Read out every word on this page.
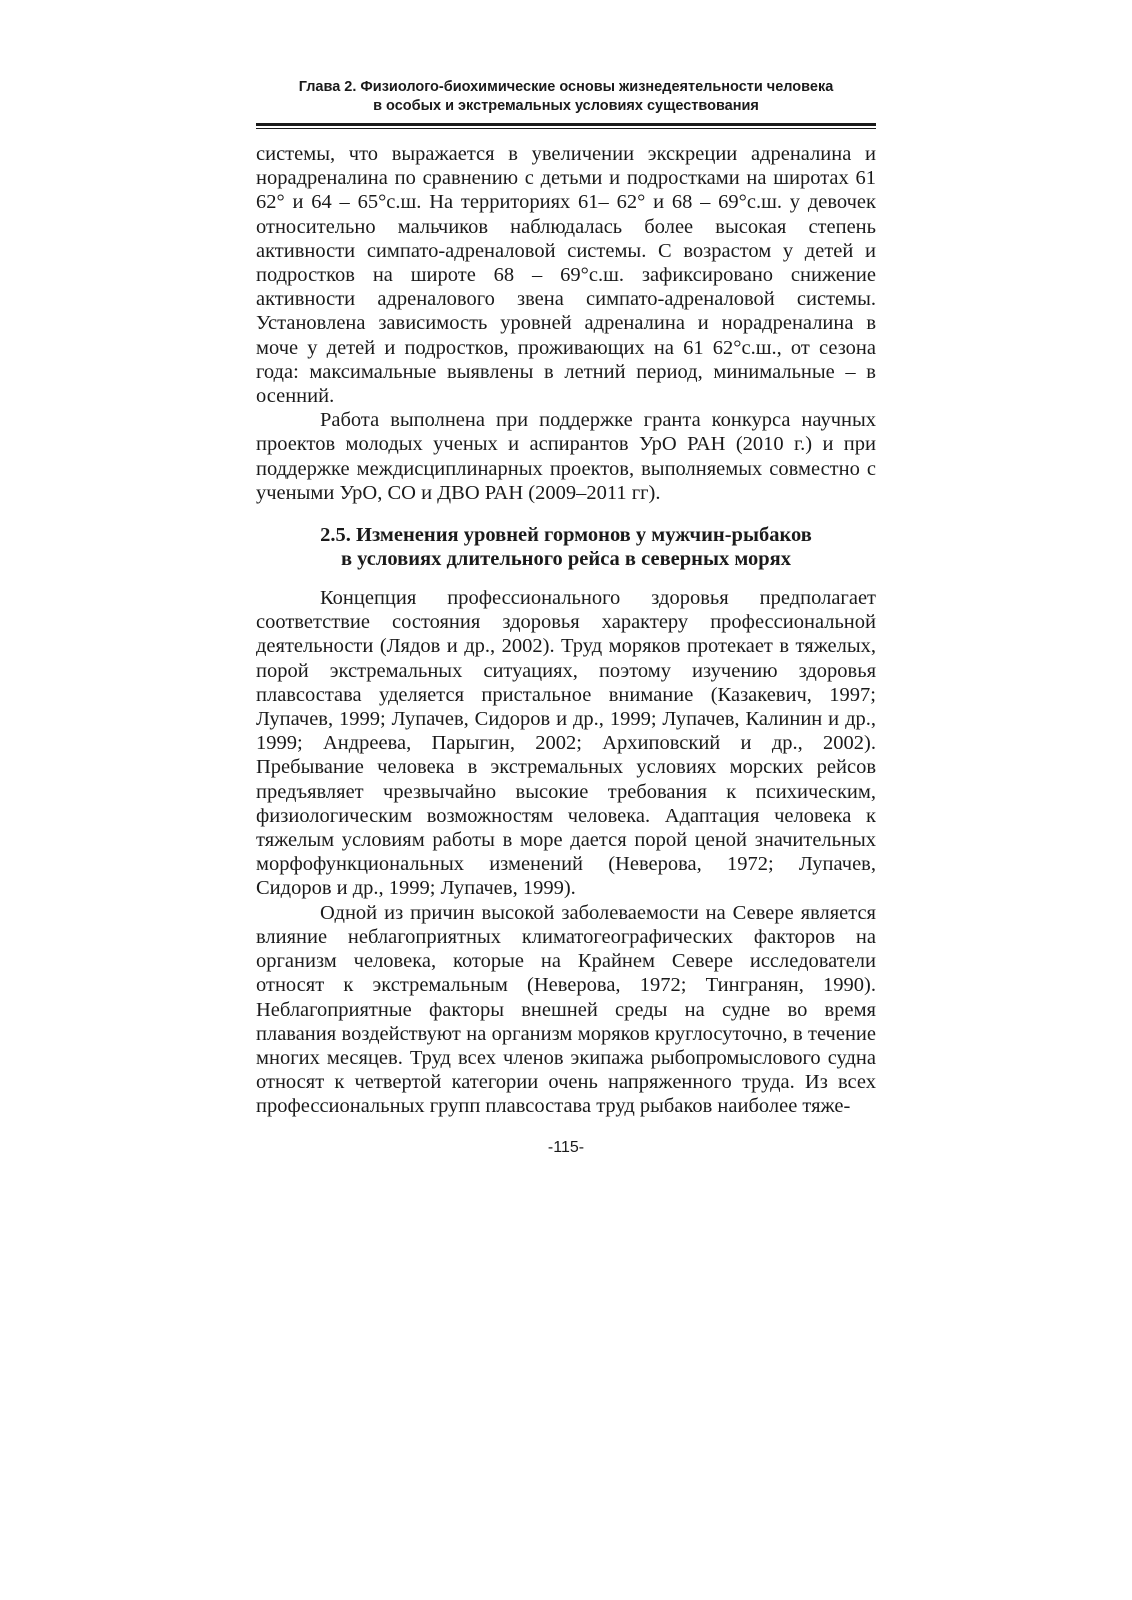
Глава 2. Физиолого-биохимические основы жизнедеятельности человека
в особых и экстремальных условиях существования

системы, что выражается в увеличении экскреции адреналина и норадреналина по сравнению с детьми и подростками на широтах 61 62° и 64 – 65°с.ш. На территориях 61– 62° и 68 – 69°с.ш. у девочек относительно мальчиков наблюдалась более высокая степень активности симпато-адреналовой системы. С возрастом у детей и подростков на широте 68 – 69°с.ш. зафиксировано снижение активности адреналового звена симпато-адреналовой системы. Установлена зависимость уровней адреналина и норадреналина в моче у детей и подростков, проживающих на 61 62°с.ш., от сезона года: максимальные выявлены в летний период, минимальные – в осенний.

Работа выполнена при поддержке гранта конкурса научных проектов молодых ученых и аспирантов УрО РАН (2010 г.) и при поддержке междисциплинарных проектов, выполняемых совместно с учеными УрО, СО и ДВО РАН (2009–2011 гг).

2.5. Изменения уровней гормонов у мужчин-рыбаков
в условиях длительного рейса в северных морях

Концепция профессионального здоровья предполагает соответствие состояния здоровья характеру профессиональной деятельности (Лядов и др., 2002). Труд моряков протекает в тяжелых, порой экстремальных ситуациях, поэтому изучению здоровья плавсостава уделяется пристальное внимание (Казакевич, 1997; Лупачев, 1999; Лупачев, Сидоров и др., 1999; Лупачев, Калинин и др., 1999; Андреева, Парыгин, 2002; Архиповский и др., 2002). Пребывание человека в экстремальных условиях морских рейсов предъявляет чрезвычайно высокие требования к психическим, физиологическим возможностям человека. Адаптация человека к тяжелым условиям работы в море дается порой ценой значительных морфофункциональных изменений (Неверова, 1972; Лупачев, Сидоров и др., 1999; Лупачев, 1999).

Одной из причин высокой заболеваемости на Севере является влияние неблагоприятных климатогеографических факторов на организм человека, которые на Крайнем Севере исследователи относят к экстремальным (Неверова, 1972; Тингранян, 1990). Неблагоприятные факторы внешней среды на судне во время плавания воздействуют на организм моряков круглосуточно, в течение многих месяцев. Труд всех членов экипажа рыбопромыслового судна относят к четвертой категории очень напряженного труда. Из всех профессиональных групп плавсостава труд рыбаков наиболее тяже-

-115-
